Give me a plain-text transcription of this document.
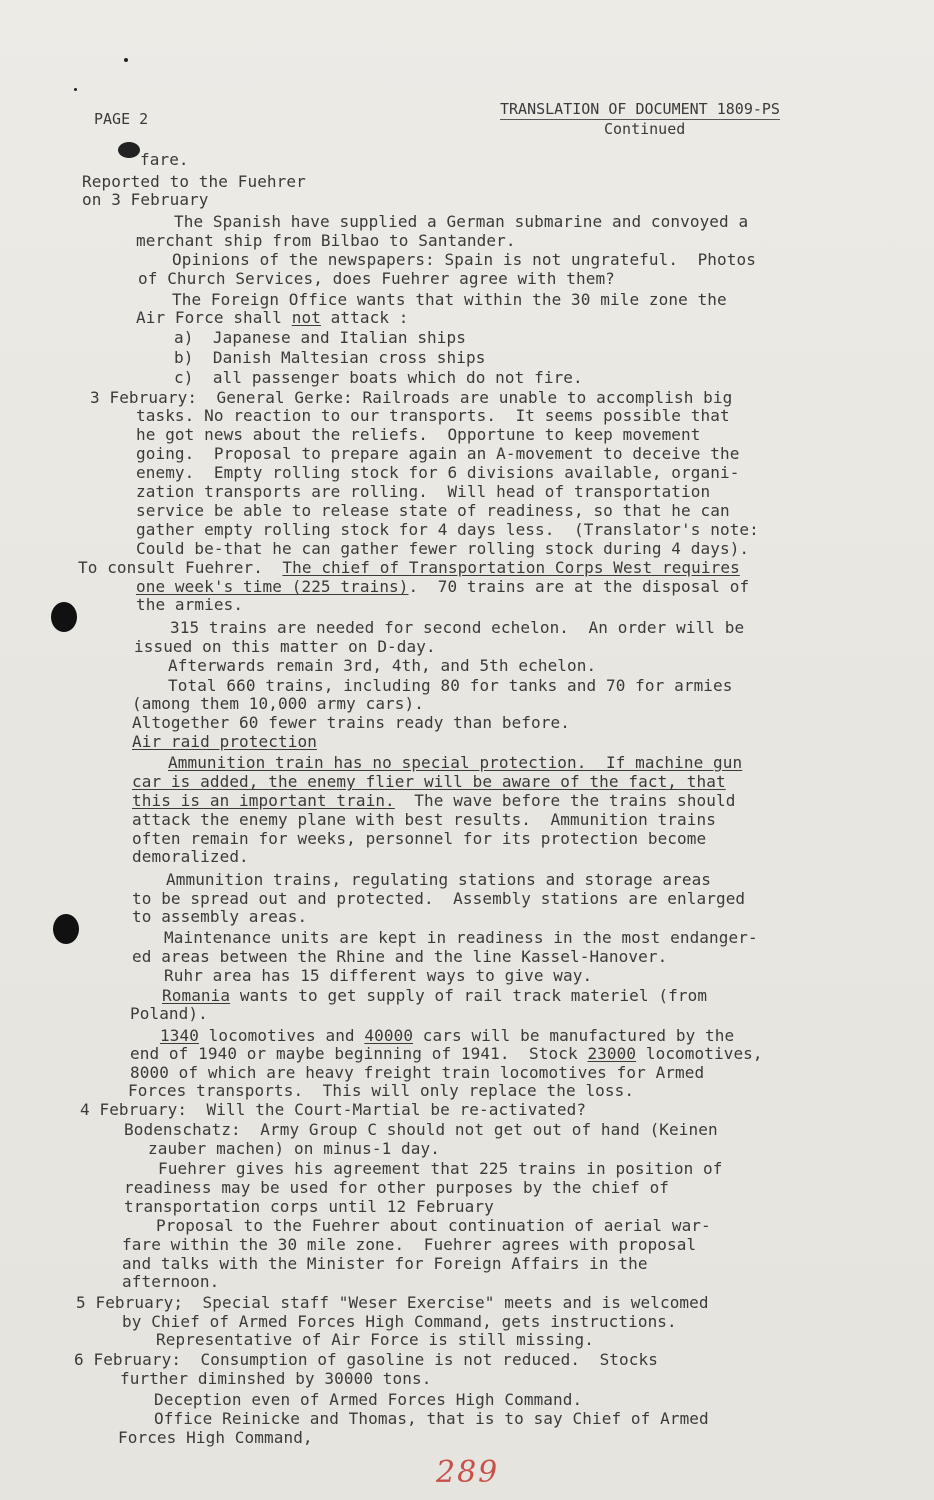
PAGE 2
TRANSLATION OF DOCUMENT 1809-PS
Continued
fare.
Reported to the Fuehrer
on 3 February
The Spanish have supplied a German submarine and convoyed a
merchant ship from Bilbao to Santander.
Opinions of the newspapers: Spain is not ungrateful.  Photos
of Church Services, does Fuehrer agree with them?
The Foreign Office wants that within the 30 mile zone the
Air Force shall not attack :
a)  Japanese and Italian ships
b)  Danish Maltesian cross ships
c)  all passenger boats which do not fire.
3 February:  General Gerke: Railroads are unable to accomplish big
tasks. No reaction to our transports.  It seems possible that
he got news about the reliefs.  Opportune to keep movement
going.  Proposal to prepare again an A-movement to deceive the
enemy.  Empty rolling stock for 6 divisions available, organi-
zation transports are rolling.  Will head of transportation
service be able to release state of readiness, so that he can
gather empty rolling stock for 4 days less.  (Translator's note:
Could be-that he can gather fewer rolling stock during 4 days).
To consult Fuehrer.  The chief of Transportation Corps West requires
one week's time (225 trains).  70 trains are at the disposal of
the armies.
315 trains are needed for second echelon.  An order will be
issued on this matter on D-day.
Afterwards remain 3rd, 4th, and 5th echelon.
Total 660 trains, including 80 for tanks and 70 for armies
(among them 10,000 army cars).
Altogether 60 fewer trains ready than before.
Air raid protection
Ammunition train has no special protection.  If machine gun
car is added, the enemy flier will be aware of the fact, that
this is an important train.  The wave before the trains should
attack the enemy plane with best results.  Ammunition trains
often remain for weeks, personnel for its protection become
demoralized.
Ammunition trains, regulating stations and storage areas
to be spread out and protected.  Assembly stations are enlarged
to assembly areas.
Maintenance units are kept in readiness in the most endanger-
ed areas between the Rhine and the line Kassel-Hanover.
Ruhr area has 15 different ways to give way.
Romania wants to get supply of rail track materiel (from
Poland).
1340 locomotives and 40000 cars will be manufactured by the
end of 1940 or maybe beginning of 1941.  Stock 23000 locomotives,
8000 of which are heavy freight train locomotives for Armed
Forces transports.  This will only replace the loss.
4 February:  Will the Court-Martial be re-activated?
Bodenschatz:  Army Group C should not get out of hand (Keinen
zauber machen) on minus-1 day.
Fuehrer gives his agreement that 225 trains in position of
readiness may be used for other purposes by the chief of
transportation corps until 12 February
Proposal to the Fuehrer about continuation of aerial war-
fare within the 30 mile zone.  Fuehrer agrees with proposal
and talks with the Minister for Foreign Affairs in the
afternoon.
5 February;  Special staff "Weser Exercise" meets and is welcomed
by Chief of Armed Forces High Command, gets instructions.
Representative of Air Force is still missing.
6 February:  Consumption of gasoline is not reduced.  Stocks
further diminshed by 30000 tons.
Deception even of Armed Forces High Command.
Office Reinicke and Thomas, that is to say Chief of Armed
Forces High Command,
289
